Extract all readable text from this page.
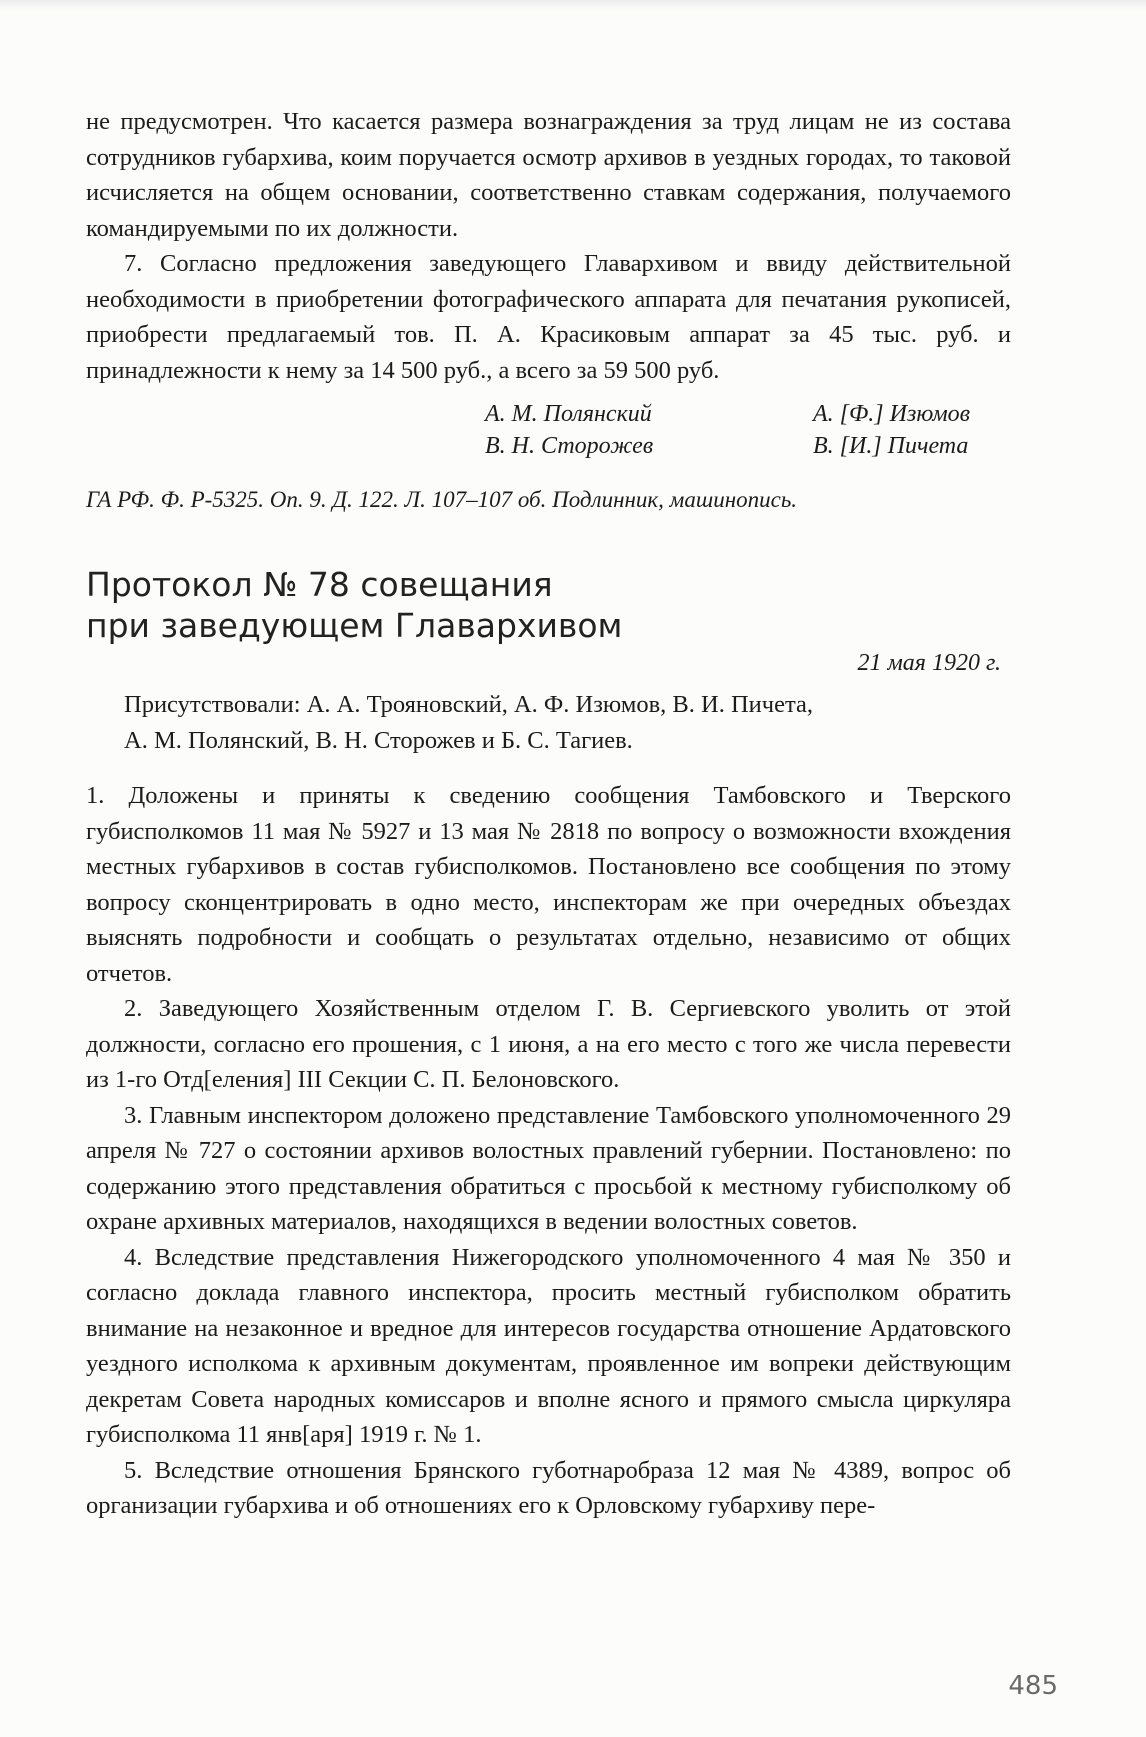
не предусмотрен. Что касается размера вознаграждения за труд лицам не из состава сотрудников губархива, коим поручается осмотр архивов в уездных городах, то таковой исчисляется на общем основании, соответственно ставкам содержания, получаемого командируемыми по их должности.

7. Согласно предложения заведующего Главархивом и ввиду действительной необходимости в приобретении фотографического аппарата для печатания рукописей, приобрести предлагаемый тов. П. А. Красиковым аппарат за 45 тыс. руб. и принадлежности к нему за 14 500 руб., а всего за 59 500 руб.

А. М. Полянский	А. [Ф.] Изюмов
В. Н. Сторожев	В. [И.] Пичета
ГА РФ. Ф. Р-5325. Оп. 9. Д. 122. Л. 107–107 об. Подлинник, машинопись.
Протокол № 78 совещания
при заведующем Главархивом
21 мая 1920 г.
Присутствовали: А. А. Трояновский, А. Ф. Изюмов, В. И. Пичета,
А. М. Полянский, В. Н. Сторожев и Б. С. Тагиев.

1. Доложены и приняты к сведению сообщения Тамбовского и Тверского губисполкомов 11 мая № 5927 и 13 мая № 2818 по вопросу о возможности вхождения местных губархивов в состав губисполкомов. Постановлено все сообщения по этому вопросу сконцентрировать в одно место, инспекторам же при очередных объездах выяснять подробности и сообщать о результатах отдельно, независимо от общих отчетов.

2. Заведующего Хозяйственным отделом Г. В. Сергиевского уволить от этой должности, согласно его прошения, с 1 июня, а на его место с того же числа перевести из 1-го Отд[еления] III Секции С. П. Белоновского.

3. Главным инспектором доложено представление Тамбовского уполномоченного 29 апреля № 727 о состоянии архивов волостных правлений губернии. Постановлено: по содержанию этого представления обратиться с просьбой к местному губисполкому об охране архивных материалов, находящихся в ведении волостных советов.

4. Вследствие представления Нижегородского уполномоченного 4 мая № 350 и согласно доклада главного инспектора, просить местный губисполком обратить внимание на незаконное и вредное для интересов государства отношение Ардатовского уездного исполкома к архивным документам, проявленное им вопреки действующим декретам Совета народных комиссаров и вполне ясного и прямого смысла циркуляра губисполкома 11 янв[аря] 1919 г. № 1.

5. Вследствие отношения Брянского губотнаробраза 12 мая № 4389, вопрос об организации губархива и об отношениях его к Орловскому губархиву пере-

485
